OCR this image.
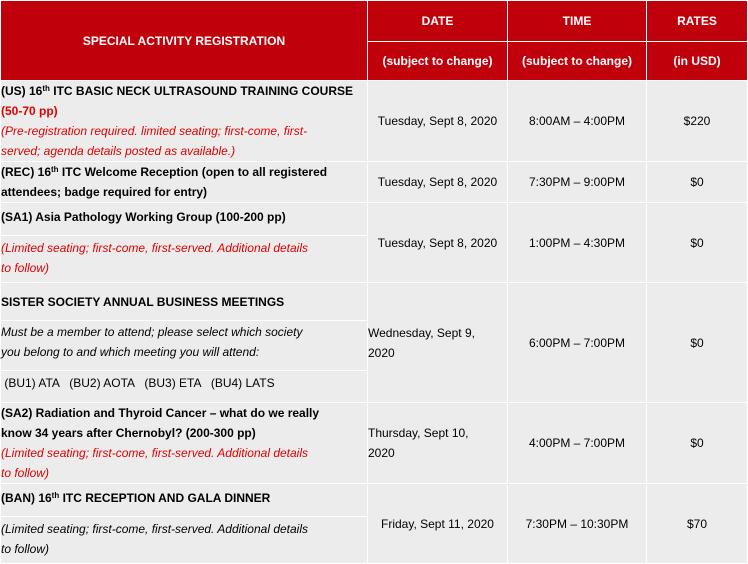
SPECIAL ACTIVITY REGISTRATION	DATE	TIME	RATES
	(subject to change)	(subject to change)	(in USD)

(US) 16th ITC BASIC NECK ULTRASOUND TRAINING COURSE
(50-70 pp)
(Pre-registration required. limited seating; first-come, first-
served; agenda details posted as available.)	Tuesday, Sept 8, 2020	8:00AM – 4:00PM	$220

(REC) 16th ITC Welcome Reception (open to all registered
attendees; badge required for entry)	Tuesday, Sept 8, 2020	7:30PM – 9:00PM	$0

(SA1) Asia Pathology Working Group (100-200 pp)
(Limited seating; first-come, first-served. Additional details
to follow)	Tuesday, Sept 8, 2020	1:00PM – 4:30PM	$0

SISTER SOCIETY ANNUAL BUSINESS MEETINGS
Must be a member to attend; please select which society
you belong to and which meeting you will attend:
(BU1) ATA   (BU2) AOTA   (BU3) ETA   (BU4) LATS	Wednesday, Sept 9,
2020	6:00PM – 7:00PM	$0

(SA2) Radiation and Thyroid Cancer – what do we really
know 34 years after Chernobyl? (200-300 pp)
(Limited seating; first-come, first-served. Additional details
to follow)	Thursday, Sept 10,
2020	4:00PM – 7:00PM	$0

(BAN) 16th ITC RECEPTION AND GALA DINNER
(Limited seating; first-come, first-served. Additional details
to follow)	Friday, Sept 11, 2020	7:30PM – 10:30PM	$70
